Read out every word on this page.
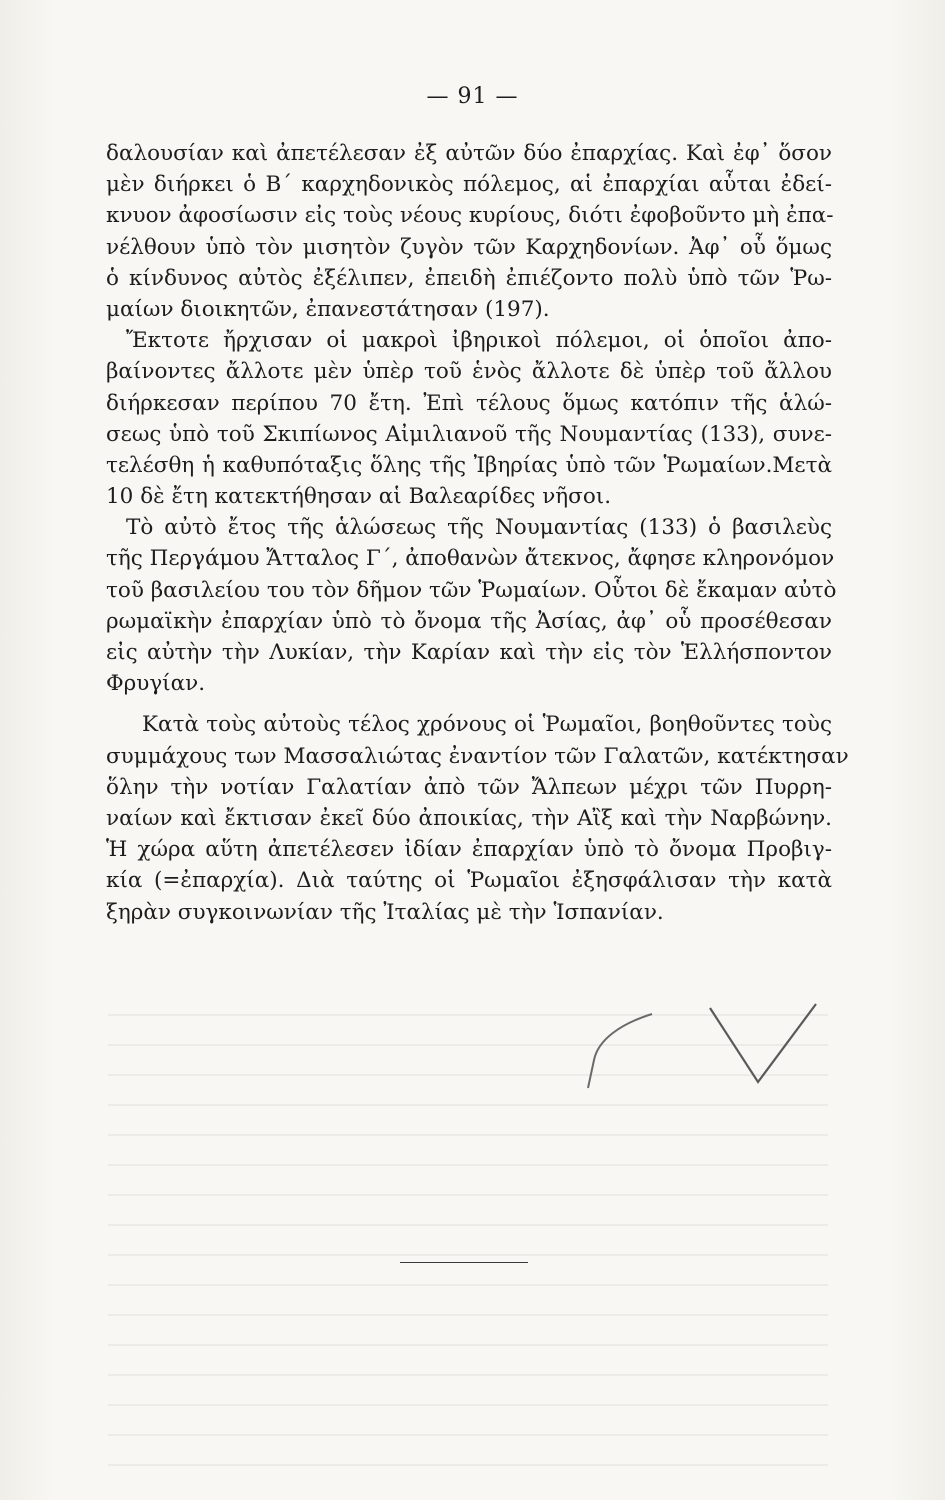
— 91 —
δαλουσίαν καὶ ἀπετέλεσαν ἐξ αὐτῶν δύο ἐπαρχίας. Καὶ ἐφ᾽ ὅσον
μὲν διήρκει ὁ Β΄ καρχηδονικὸς πόλεμος, αἱ ἐπαρχίαι αὗται ἐδεί-
κνυον ἀφοσίωσιν εἰς τοὺς νέους κυρίους, διότι ἐφοβοῦντο μὴ ἐπα-
νέλθουν ὑπὸ τὸν μισητὸν ζυγὸν τῶν Καρχηδονίων. Ἀφ᾽ οὗ ὅμως
ὁ κίνδυνος αὐτὸς ἐξέλιπεν, ἐπειδὴ ἐπιέζοντο πολὺ ὑπὸ τῶν Ῥω-
μαίων διοικητῶν, ἐπανεστάτησαν (197).
Ἔκτοτε ἤρχισαν οἱ μακροὶ ἰβηρικοὶ πόλεμοι, οἱ ὁποῖοι ἀπο-
βαίνοντες ἄλλοτε μὲν ὑπὲρ τοῦ ἑνὸς ἄλλοτε δὲ ὑπὲρ τοῦ ἄλλου
διήρκεσαν περίπου 70 ἔτη. Ἐπὶ τέλους ὅμως κατόπιν τῆς ἁλώ-
σεως ὑπὸ τοῦ Σκιπίωνος Αἰμιλιανοῦ τῆς Νουμαντίας (133), συνε-
τελέσθη ἡ καθυπόταξις ὅλης τῆς Ἰβηρίας ὑπὸ τῶν Ῥωμαίων.Μετὰ
10 δὲ ἔτη κατεκτήθησαν αἱ Βαλεαρίδες νῆσοι.
Τὸ αὐτὸ ἔτος τῆς ἁλώσεως τῆς Νουμαντίας (133) ὁ βασιλεὺς
τῆς Περγάμου Ἄτταλος Γ΄, ἀποθανὼν ἄτεκνος, ἄφησε κληρονόμον
τοῦ βασιλείου του τὸν δῆμον τῶν Ῥωμαίων. Οὗτοι δὲ ἔκαμαν αὐτὸ
ρωμαϊκὴν ἐπαρχίαν ὑπὸ τὸ ὄνομα τῆς Ἀσίας, ἀφ᾽ οὗ προσέθεσαν
εἰς αὐτὴν τὴν Λυκίαν, τὴν Καρίαν καὶ τὴν εἰς τὸν Ἑλλήσποντον
Φρυγίαν.
Κατὰ τοὺς αὐτοὺς τέλος χρόνους οἱ Ῥωμαῖοι, βοηθοῦντες τοὺς
συμμάχους των Μασσαλιώτας ἐναντίον τῶν Γαλατῶν, κατέκτησαν
ὅλην τὴν νοτίαν Γαλατίαν ἀπὸ τῶν Ἄλπεων μέχρι τῶν Πυρρη-
ναίων καὶ ἔκτισαν ἐκεῖ δύο ἀποικίας, τὴν Αἲξ καὶ τὴν Ναρβώνην.
Ἡ χώρα αὕτη ἀπετέλεσεν ἰδίαν ἐπαρχίαν ὑπὸ τὸ ὄνομα Προβιγ-
κία (=ἐπαρχία). Διὰ ταύτης οἱ Ῥωμαῖοι ἐξησφάλισαν τὴν κατὰ
ξηρὰν συγκοινωνίαν τῆς Ἰταλίας μὲ τὴν Ἱσπανίαν.
